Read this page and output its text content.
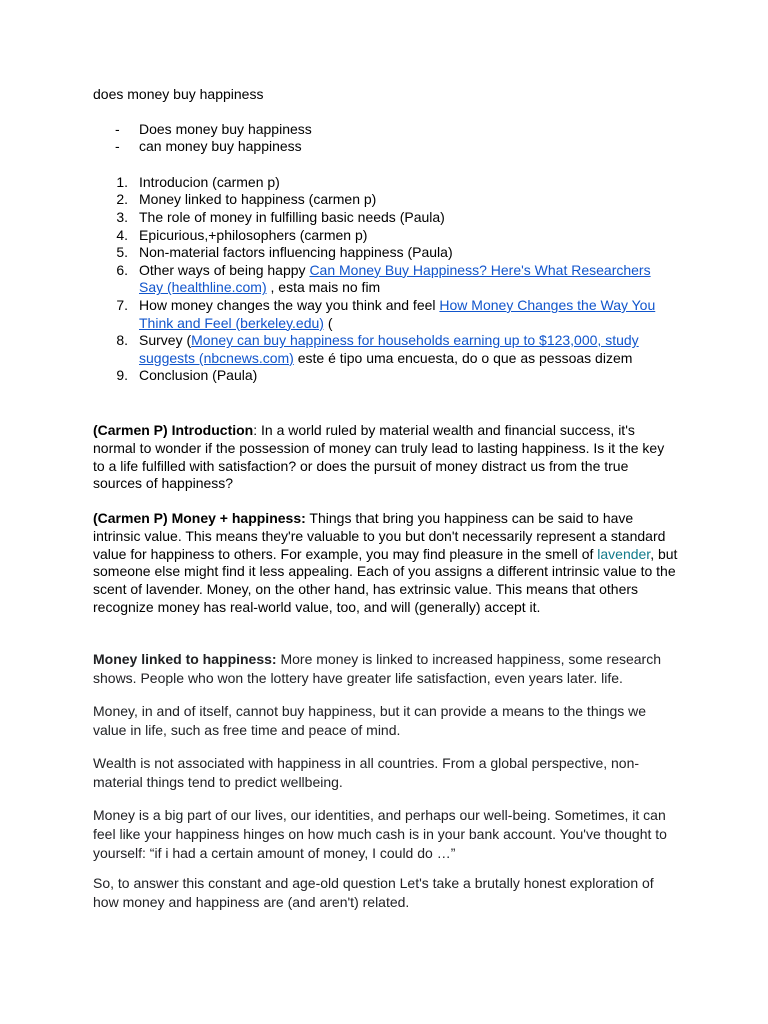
does money buy happiness

- Does money buy happiness
- can money buy happiness
1. Introducion (carmen p)
2. Money linked to happiness (carmen p)
3. The role of money in fulfilling basic needs (Paula)
4. Epicurious,+philosophers (carmen p)
5. Non-material factors influencing happiness (Paula)
6. Other ways of being happy Can Money Buy Happiness? Here's What Researchers Say (healthline.com) , esta mais no fim
7. How money changes the way you think and feel How Money Changes the Way You Think and Feel (berkeley.edu) (
8. Survey (Money can buy happiness for households earning up to $123,000, study suggests (nbcnews.com) este é tipo uma encuesta, do o que as pessoas dizem
9. Conclusion (Paula)

(Carmen P) Introduction: In a world ruled by material wealth and financial success, it's normal to wonder if the possession of money can truly lead to lasting happiness. Is it the key to a life fulfilled with satisfaction? or does the pursuit of money distract us from the true sources of happiness?

(Carmen P) Money + happiness: Things that bring you happiness can be said to have intrinsic value. This means they're valuable to you but don't necessarily represent a standard value for happiness to others. For example, you may find pleasure in the smell of lavender, but someone else might find it less appealing. Each of you assigns a different intrinsic value to the scent of lavender. Money, on the other hand, has extrinsic value. This means that others recognize money has real-world value, too, and will (generally) accept it.

Money linked to happiness: More money is linked to increased happiness, some research shows. People who won the lottery have greater life satisfaction, even years later. life.

Money, in and of itself, cannot buy happiness, but it can provide a means to the things we value in life, such as free time and peace of mind.

Wealth is not associated with happiness in all countries. From a global perspective, non-material things tend to predict wellbeing.

Money is a big part of our lives, our identities, and perhaps our well-being. Sometimes, it can feel like your happiness hinges on how much cash is in your bank account. You've thought to yourself: “if i had a certain amount of money, I could do …”

So, to answer this constant and age-old question Let's take a brutally honest exploration of how money and happiness are (and aren't) related.
